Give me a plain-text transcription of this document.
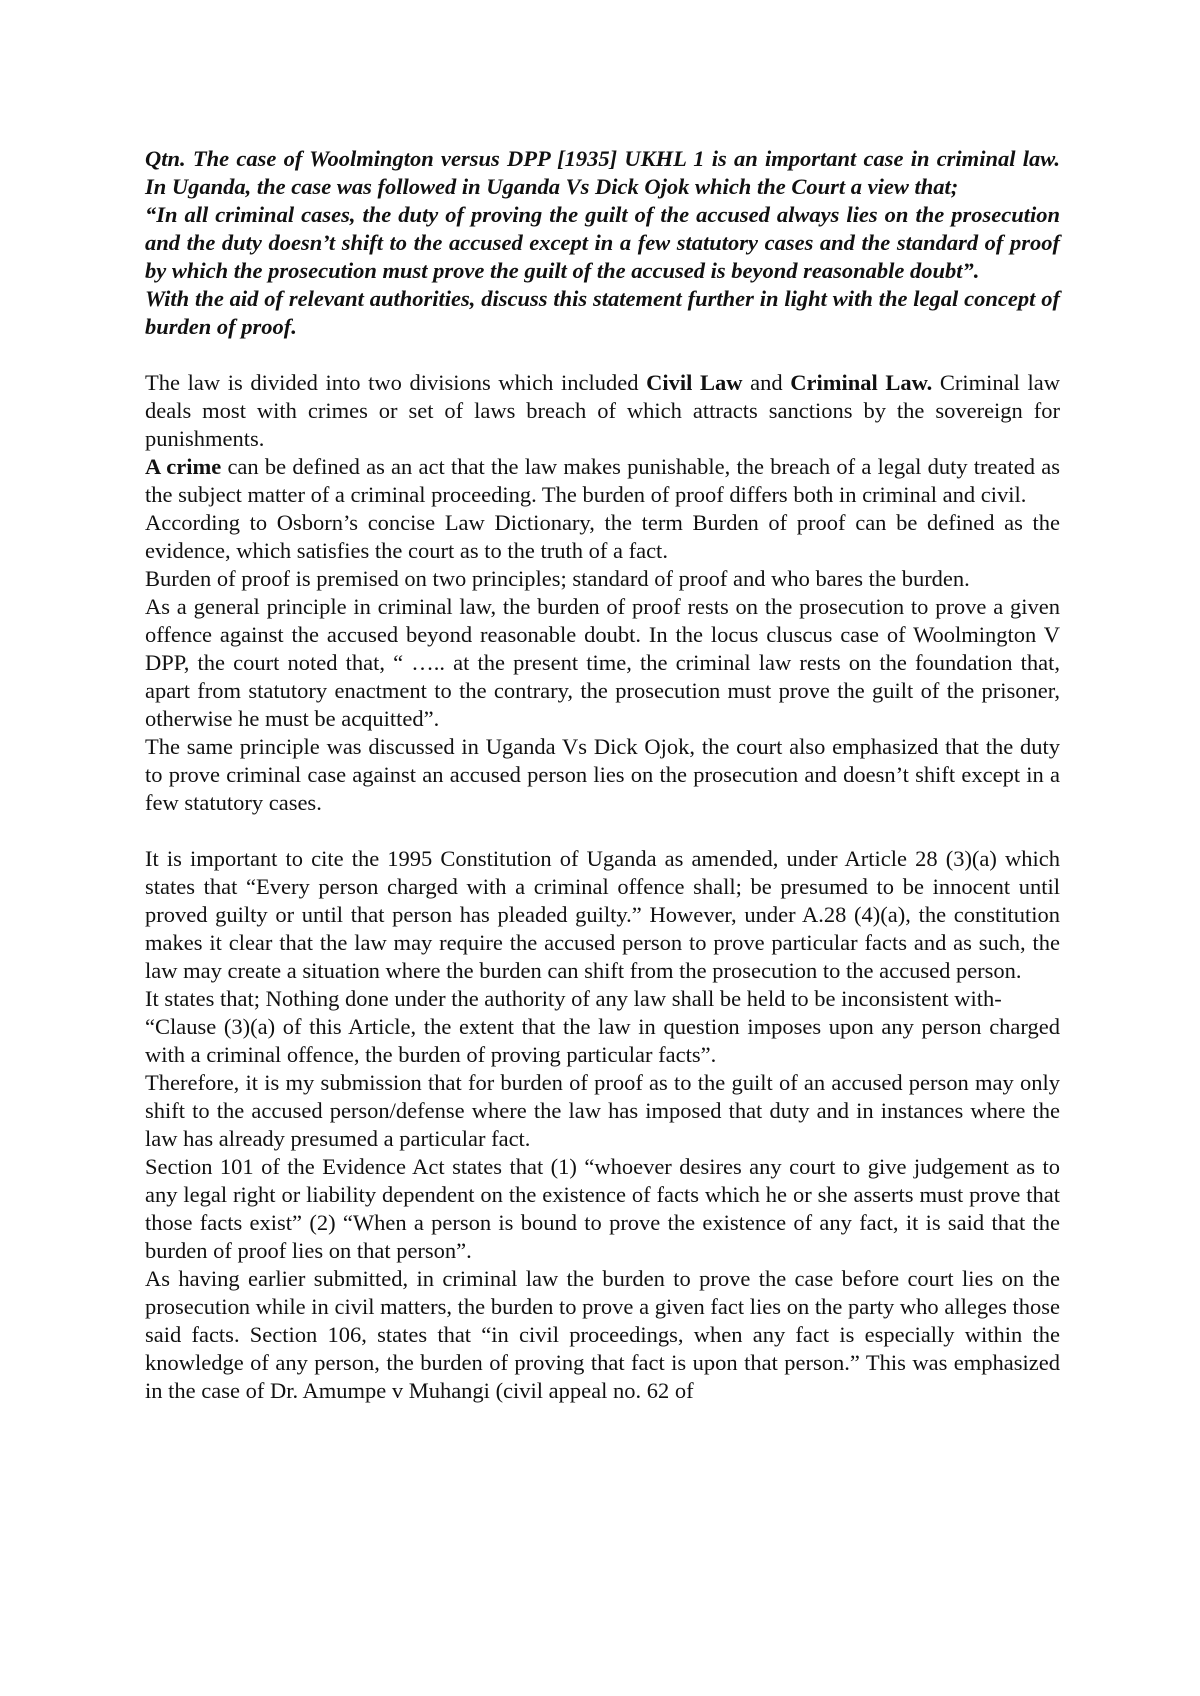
Qtn. The case of Woolmington versus DPP [1935] UKHL 1 is an important case in criminal law. In Uganda, the case was followed in Uganda Vs Dick Ojok which the Court a view that;
“In all criminal cases, the duty of proving the guilt of the accused always lies on the prosecution and the duty doesn’t shift to the accused except in a few statutory cases and the standard of proof by which the prosecution must prove the guilt of the accused is beyond reasonable doubt”.
With the aid of relevant authorities, discuss this statement further in light with the legal concept of burden of proof.

The law is divided into two divisions which included Civil Law and Criminal Law. Criminal law deals most with crimes or set of laws breach of which attracts sanctions by the sovereign for punishments.

A crime can be defined as an act that the law makes punishable, the breach of a legal duty treated as the subject matter of a criminal proceeding. The burden of proof differs both in criminal and civil.

According to Osborn’s concise Law Dictionary, the term Burden of proof can be defined as the evidence, which satisfies the court as to the truth of a fact.

Burden of proof is premised on two principles; standard of proof and who bares the burden.

As a general principle in criminal law, the burden of proof rests on the prosecution to prove a given offence against the accused beyond reasonable doubt. In the locus cluscus case of Woolmington V DPP, the court noted that, “ ….. at the present time, the criminal law rests on the foundation that, apart from statutory enactment to the contrary, the prosecution must prove the guilt of the prisoner, otherwise he must be acquitted”.

The same principle was discussed in Uganda Vs Dick Ojok, the court also emphasized that the duty to prove criminal case against an accused person lies on the prosecution and doesn’t shift except in a few statutory cases.

It is important to cite the 1995 Constitution of Uganda as amended, under Article 28 (3)(a) which states that “Every person charged with a criminal offence shall; be presumed to be innocent until proved guilty or until that person has pleaded guilty.” However, under A.28 (4)(a), the constitution makes it clear that the law may require the accused person to prove particular facts and as such, the law may create a situation where the burden can shift from the prosecution to the accused person.

It states that; Nothing done under the authority of any law shall be held to be inconsistent with-

“Clause (3)(a) of this Article, the extent that the law in question imposes upon any person charged with a criminal offence, the burden of proving particular facts”.

Therefore, it is my submission that for burden of proof as to the guilt of an accused person may only shift to the accused person/defense where the law has imposed that duty and in instances where the law has already presumed a particular fact.

Section 101 of the Evidence Act states that (1) “whoever desires any court to give judgement as to any legal right or liability dependent on the existence of facts which he or she asserts must prove that those facts exist” (2) “When a person is bound to prove the existence of any fact, it is said that the burden of proof lies on that person”.

As having earlier submitted, in criminal law the burden to prove the case before court lies on the prosecution while in civil matters, the burden to prove a given fact lies on the party who alleges those said facts. Section 106, states that “in civil proceedings, when any fact is especially within the knowledge of any person, the burden of proving that fact is upon that person.” This was emphasized in the case of Dr. Amumpe v Muhangi (civil appeal no. 62 of
